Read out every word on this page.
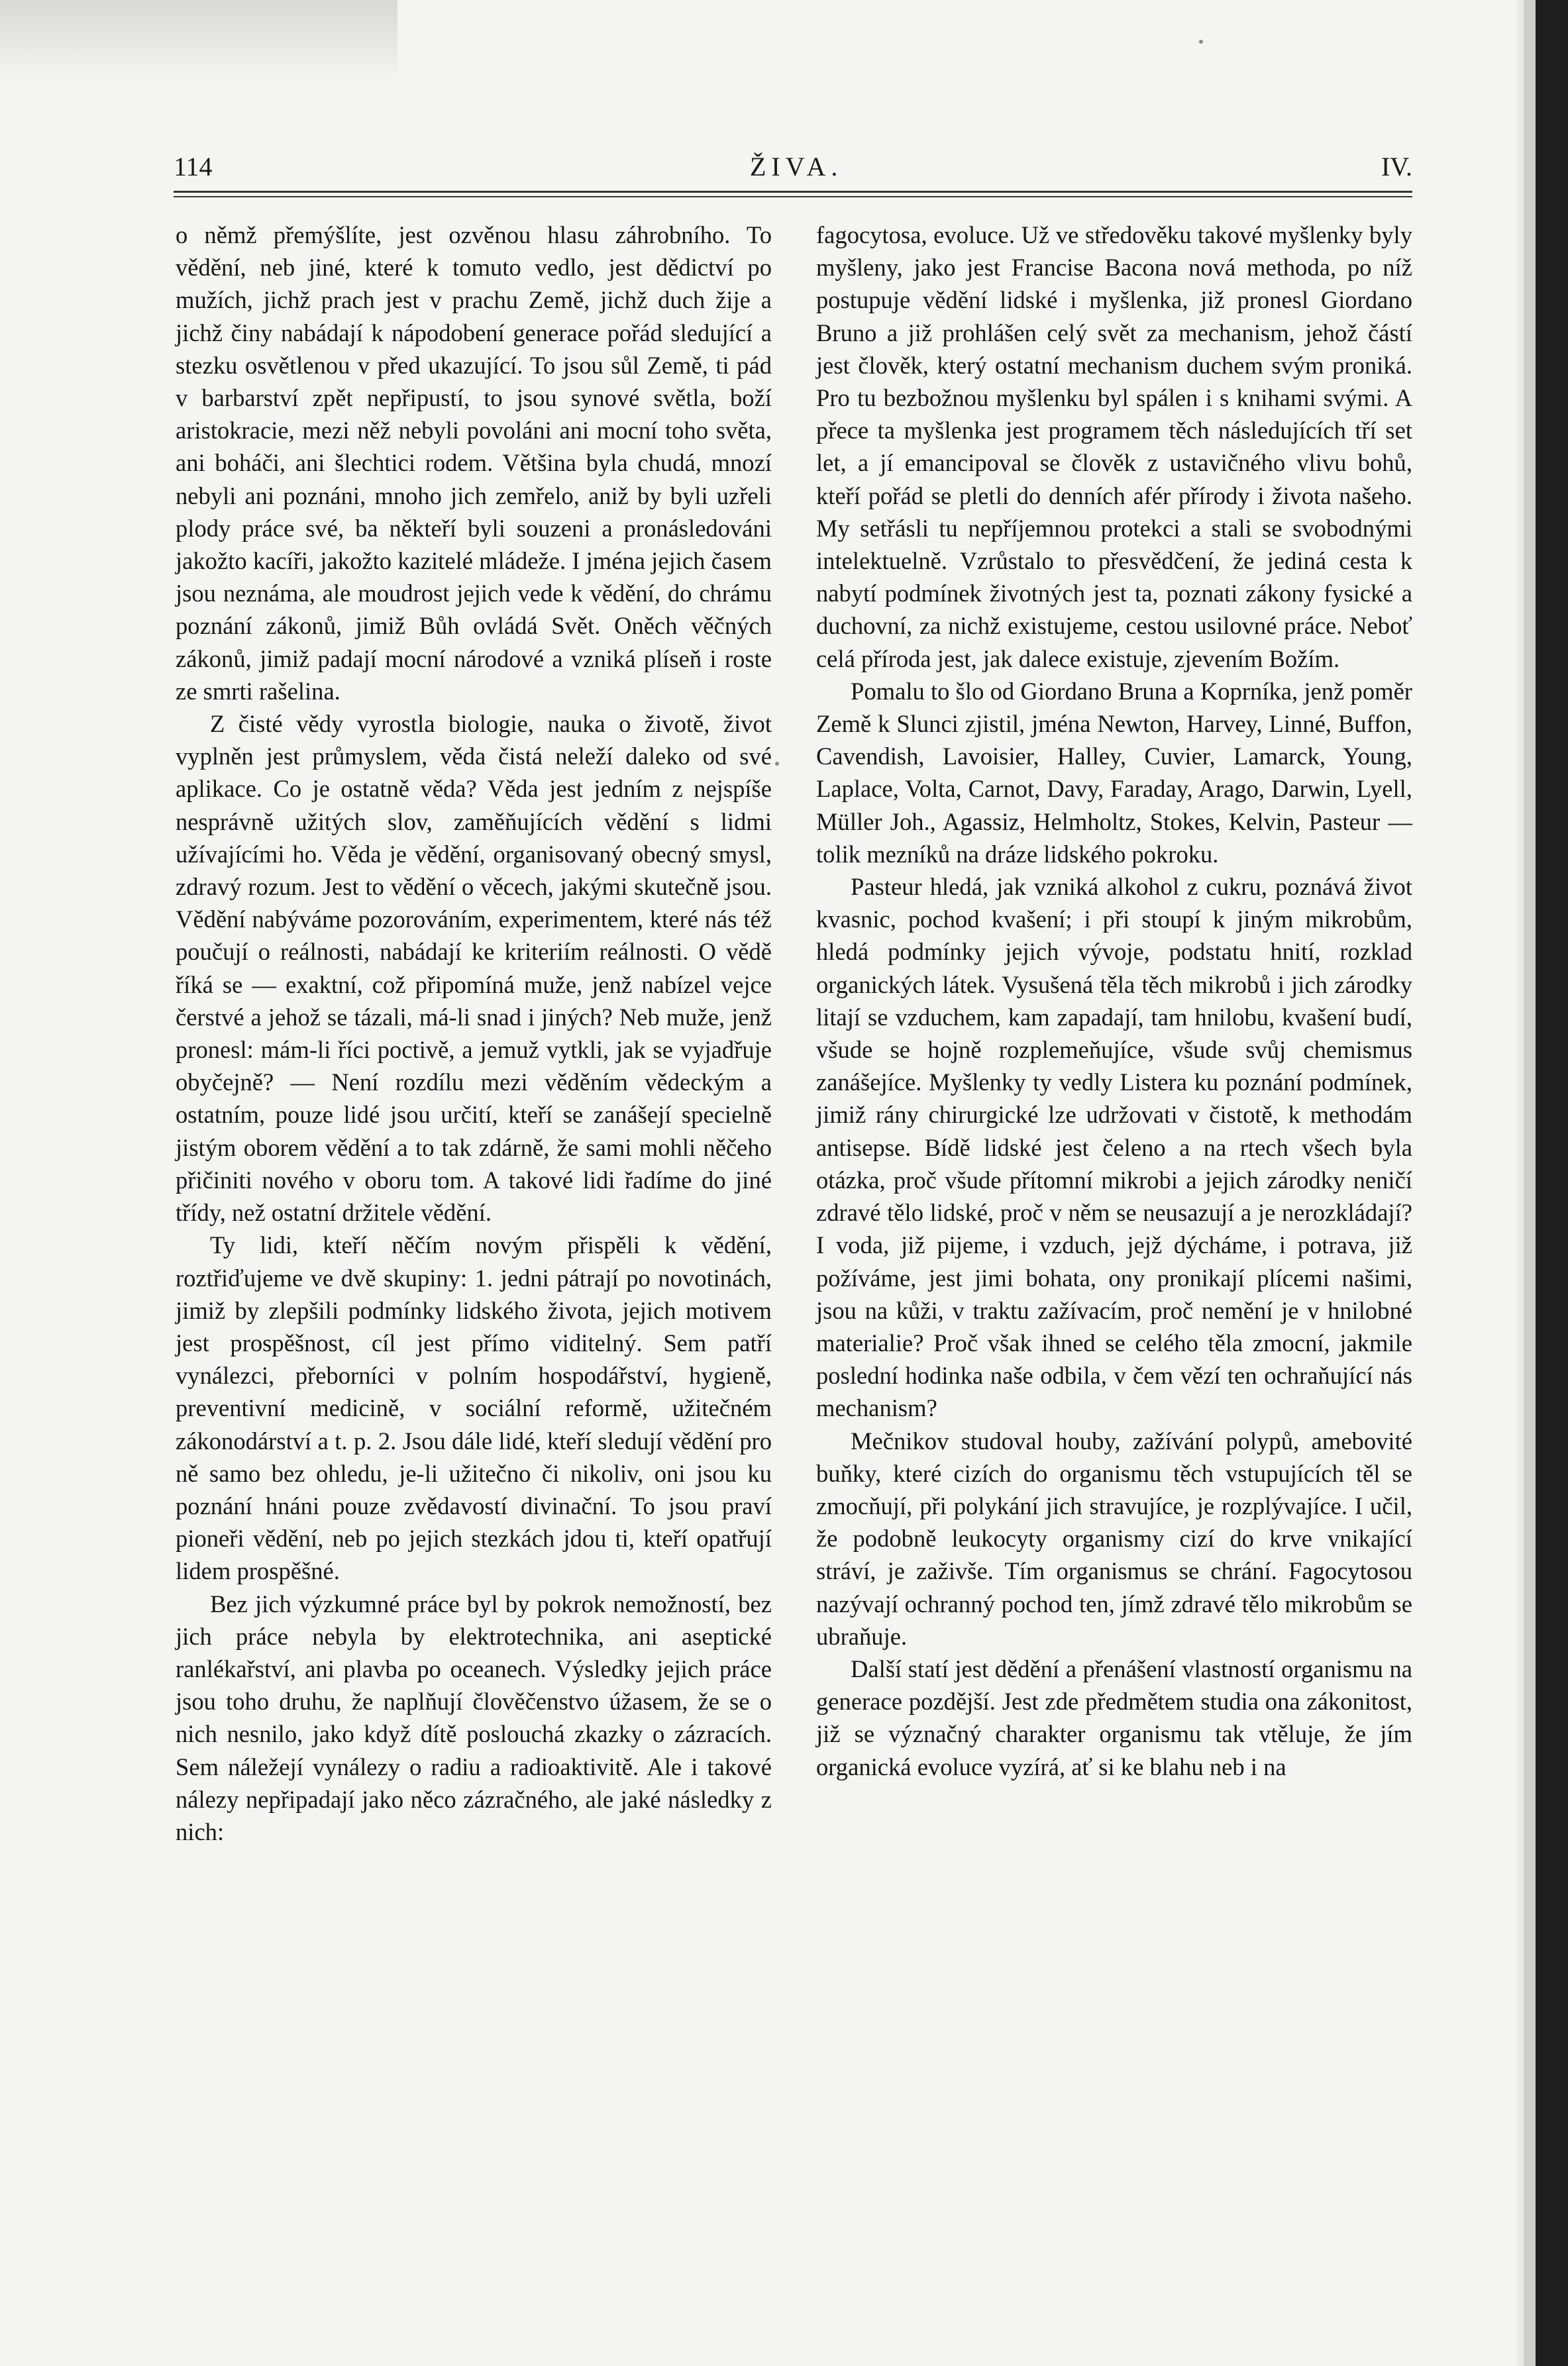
114	ŽIVA.	IV.

o němž přemýšlíte, jest ozvěnou hlasu záhrobního. To vědění, neb jiné, které k tomuto vedlo, jest dědictví po mužích, jichž prach jest v prachu Země, jichž duch žije a jichž činy nabádají k nápodobení generace pořád sledující a stezku osvětlenou v před ukazující. To jsou sůl Země, ti pád v barbarství zpět nepřipustí, to jsou synové světla, boží aristokracie, mezi něž nebyli povoláni ani mocní toho světa, ani boháči, ani šlechtici rodem. Většina byla chudá, mnozí nebyli ani poznáni, mnoho jich zemřelo, aniž by byli uzřeli plody práce své, ba někteří byli souzeni a pronásledováni jakožto kacíři, jakožto kazitelé mládeže. I jména jejich časem jsou neznáma, ale moudrost jejich vede k vědění, do chrámu poznání zákonů, jimiž Bůh ovládá Svět. Oněch věčných zákonů, jimiž padají mocní národové a vzniká plíseň i roste ze smrti rašelina.

Z čisté vědy vyrostla biologie, nauka o životě, život vyplněn jest průmyslem, věda čistá neleží daleko od své aplikace. Co je ostatně věda? Věda jest jedním z nejspíše nesprávně užitých slov, zaměňujících vědění s lidmi užívajícími ho. Věda je vědění, organisovaný obecný smysl, zdravý rozum. Jest to vědění o věcech, jakými skutečně jsou. Vědění nabýváme pozorováním, experimentem, které nás též poučují o reálnosti, nabádají ke kriteriím reálnosti. O vědě říká se — exaktní, což připomíná muže, jenž nabízel vejce čerstvé a jehož se tázali, má-li snad i jiných? Neb muže, jenž pronesl: mám-li říci poctivě, a jemuž vytkli, jak se vyjadřuje obyčejně? — Není rozdílu mezi věděním vědeckým a ostatním, pouze lidé jsou určití, kteří se zanášejí specielně jistým oborem vědění a to tak zdárně, že sami mohli něčeho přičiniti nového v oboru tom. A takové lidi řadíme do jiné třídy, než ostatní držitele vědění.

Ty lidi, kteří něčím novým přispěli k vědění, roztřiďujeme ve dvě skupiny: 1. jedni pátrají po novotinách, jimiž by zlepšili podmínky lidského života, jejich motivem jest prospěšnost, cíl jest přímo viditelný. Sem patří vynálezci, přeborníci v polním hospodářství, hygieně, preventivní medicině, v sociální reformě, užitečném zákonodárství a t. p. 2. Jsou dále lidé, kteří sledují vědění pro ně samo bez ohledu, je-li užitečno či nikoliv, oni jsou ku poznání hnáni pouze zvědavostí divinační. To jsou praví pioneři vědění, neb po jejich stezkách jdou ti, kteří opatřují lidem prospěšné.

Bez jich výzkumné práce byl by pokrok nemožností, bez jich práce nebyla by elektrotechnika, ani aseptické ranlékařství, ani plavba po oceanech. Výsledky jejich práce jsou toho druhu, že naplňují člověčenstvo úžasem, že se o nich nesnilo, jako když dítě poslouchá zkazky o zázracích. Sem náležejí vynálezy o radiu a radioaktivitě. Ale i takové nálezy nepřipadají jako něco zázračného, ale jaké následky z nich:

fagocytosa, evoluce. Už ve středověku takové myšlenky byly myšleny, jako jest Francise Bacona nová methoda, po níž postupuje vědění lidské i myšlenka, již pronesl Giordano Bruno a již prohlášen celý svět za mechanism, jehož částí jest člověk, který ostatní mechanism duchem svým proniká. Pro tu bezbožnou myšlenku byl spálen i s knihami svými. A přece ta myšlenka jest programem těch následujících tří set let, a jí emancipoval se člověk z ustavičného vlivu bohů, kteří pořád se pletli do denních afér přírody i života našeho. My setřásli tu nepříjemnou protekci a stali se svobodnými intelektuelně. Vzrůstalo to přesvědčení, že jediná cesta k nabytí podmínek životných jest ta, poznati zákony fysické a duchovní, za nichž existujeme, cestou usilovné práce. Neboť celá příroda jest, jak dalece existuje, zjevením Božím.

Pomalu to šlo od Giordano Bruna a Koprníka, jenž poměr Země k Slunci zjistil, jména Newton, Harvey, Linné, Buffon, Cavendish, Lavoisier, Halley, Cuvier, Lamarck, Young, Laplace, Volta, Carnot, Davy, Faraday, Arago, Darwin, Lyell, Müller Joh., Agassiz, Helmholtz, Stokes, Kelvin, Pasteur — tolik mezníků na dráze lidského pokroku.

Pasteur hledá, jak vzniká alkohol z cukru, poznává život kvasnic, pochod kvašení; i při stoupí k jiným mikrobům, hledá podmínky jejich vývoje, podstatu hnití, rozklad organických látek. Vysušená těla těch mikrobů i jich zárodky litají se vzduchem, kam zapadají, tam hnilobu, kvašení budí, všude se hojně rozplemeňujíce, všude svůj chemismus zanášejíce. Myšlenky ty vedly Listera ku poznání podmínek, jimiž rány chirurgické lze udržovati v čistotě, k methodám antisepse. Bídě lidské jest čeleno a na rtech všech byla otázka, proč všude přítomní mikrobi a jejich zárodky neničí zdravé tělo lidské, proč v něm se neusazují a je nerozkládají? I voda, již pijeme, i vzduch, jejž dýcháme, i potrava, již požíváme, jest jimi bohata, ony pronikají plícemi našimi, jsou na kůži, v traktu zažívacím, proč nemění je v hnilobné materialie? Proč však ihned se celého těla zmocní, jakmile poslední hodinka naše odbila, v čem vězí ten ochraňující nás mechanism?

Mečnikov studoval houby, zažívání polypů, amebovité buňky, které cizích do organismu těch vstupujících těl se zmocňují, při polykání jich stravujíce, je rozplývajíce. I učil, že podobně leukocyty organismy cizí do krve vnikající stráví, je zaživše. Tím organismus se chrání. Fagocytosou nazývají ochranný pochod ten, jímž zdravé tělo mikrobům se ubraňuje.

Další statí jest dědění a přenášení vlastností organismu na generace pozdější. Jest zde předmětem studia ona zákonitost, již se význačný charakter organismu tak vtěluje, že jím organická evoluce vyzírá, ať si ke blahu neb i na
